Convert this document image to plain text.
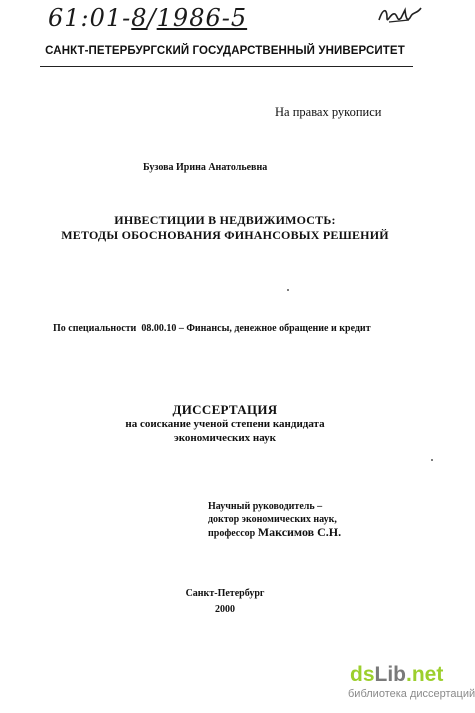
61:01-8/1986-5
САНКТ-ПЕТЕРБУРГСКИЙ ГОСУДАРСТВЕННЫЙ УНИВЕРСИТЕТ
На правах рукописи
Бузова Ирина Анатольевна
ИНВЕСТИЦИИ В НЕДВИЖИМОСТЬ:
МЕТОДЫ ОБОСНОВАНИЯ ФИНАНСОВЫХ РЕШЕНИЙ
По специальности 08.00.10 – Финансы, денежное обращение и кредит
ДИССЕРТАЦИЯ
на соискание ученой степени кандидата
экономических наук
Научный руководитель –
доктор экономических наук,
профессор Максимов С.Н.
Санкт-Петербург
2000
dsLib.net
библиотека диссертаций
